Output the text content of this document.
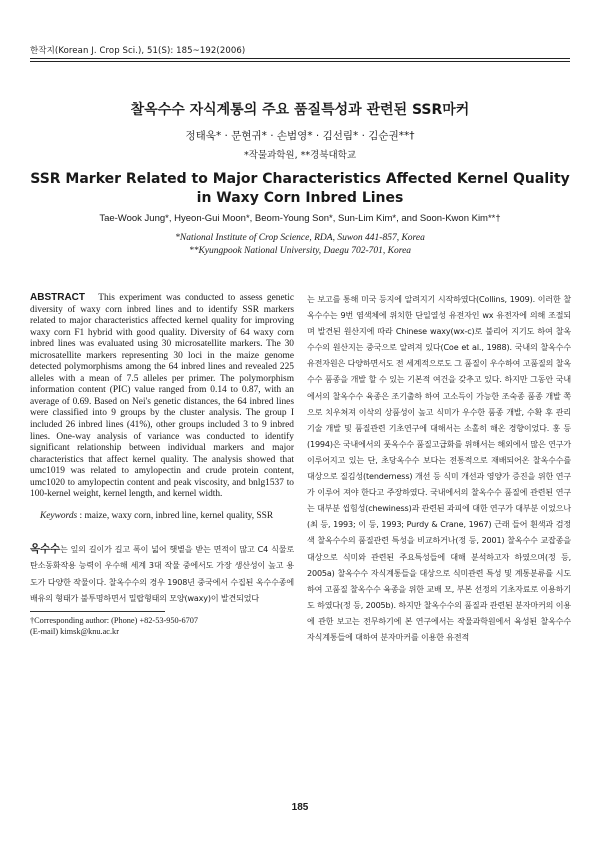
한작지(Korean J. Crop Sci.), 51(S): 185~192(2006)
찰옥수수 자식계통의 주요 품질특성과 관련된 SSR마커
정태욱* · 문현귀* · 손범영* · 김선림* · 김순권**†
*작물과학원, **경북대학교
SSR Marker Related to Major Characteristics Affected Kernel Quality
in Waxy Corn Inbred Lines
Tae-Wook Jung*, Hyeon-Gui Moon*, Beom-Young Son*, Sun-Lim Kim*, and Soon-Kwon Kim**†
*National Institute of Crop Science, RDA, Suwon 441-857, Korea
**Kyungpook National University, Daegu 702-701, Korea

ABSTRACT This experiment was conducted to assess genetic diversity of waxy corn inbred lines and to identify SSR markers related to major characteristics affected kernel quality for improving waxy corn F1 hybrid with good quality. Diversity of 64 waxy corn inbred lines was evaluated using 30 microsatellite markers. The 30 microsatellite markers representing 30 loci in the maize genome detected polymorphisms among the 64 inbred lines and revealed 225 alleles with a mean of 7.5 alleles per primer. The polymorphism information content (PIC) value ranged from 0.14 to 0.87, with an average of 0.69. Based on Nei's genetic distances, the 64 inbred lines were classified into 9 groups by the cluster analysis. The group I included 26 inbred lines (41%), other groups included 3 to 9 inbred lines. One-way analysis of variance was conducted to identify significant relationship between individual markers and major characteristics that affect kernel quality. The analysis showed that umc1019 was related to amylopectin and crude protein content, umc1020 to amylopectin content and peak viscosity, and bnlg1537 to 100-kernel weight, kernel length, and kernel width.

Keywords : maize, waxy corn, inbred line, kernel quality, SSR

옥수수는 잎의 길이가 길고 폭이 넓어 햇볕을 받는 면적이 많고 C4 식물로 탄소동화작용 능력이 우수해 세계 3대 작물 중에서도 가장 생산성이 높고 용도가 다양한 작물이다. 찰옥수수의 경우 1908년 중국에서 수집된 옥수수종에 배유의 형태가 불투명하면서 밀랍형태의 모양(waxy)이 발견되었다

†Corresponding author: (Phone) +82-53-950-6707
(E-mail) kimsk@knu.ac.kr

는 보고를 통해 미국 등지에 알려지기 시작하였다(Collins, 1909). 이러한 찰옥수수는 9번 염색체에 위치한 단일열성 유전자인 wx 유전자에 의해 조절되며 발견된 원산지에 따라 Chinese waxy(wx-c)로 불리어 지기도 하여 찰옥수수의 원산지는 중국으로 알려져 있다(Coe et al., 1988). 국내의 찰옥수수 유전자원은 다양하면서도 전 세계적으로도 그 품질이 우수하여 고품질의 찰옥수수 품종을 개발 할 수 있는 기본적 여건을 갖추고 있다. 하지만 그동안 국내에서의 찰옥수수 육종은 조기출하 하여 고소득이 가능한 조숙종 품종 개발 쪽으로 치우쳐져 이삭의 상품성이 높고 식미가 우수한 품종 개발, 수확 후 관리기술 개발 및 품질관련 기초연구에 대해서는 소홀히 해온 경향이었다. 홍 등(1994)은 국내에서의 풋옥수수 품질고급화를 위해서는 해외에서 많은 연구가 이루어지고 있는 단, 초당옥수수 보다는 전통적으로 재배되어온 찰옥수수를 대상으로 질김성(tenderness) 개선 등 식미 개선과 영양가 증진을 위한 연구가 이루어 져야 한다고 주장하였다. 국내에서의 찰옥수수 품질에 관련된 연구는 대부분 씹힘성(chewiness)과 관련된 과피에 대한 연구가 대부분 이었으나(최 등, 1993; 이 등, 1993; Purdy & Crane, 1967) 근래 들어 흰색과 검정색 찰옥수수의 품질관련 특성을 비교하거나(정 등, 2001) 찰옥수수 교잡종을 대상으로 식미와 관련된 주요특성들에 대해 분석하고자 하였으며(정 등, 2005a) 찰옥수수 자식계통들을 대상으로 식미관련 특성 및 계통분류를 시도하여 고품질 찰옥수수 육종을 위한 교배 모, 부본 선정의 기초자료로 이용하기도 하였다(정 등, 2005b). 하지만 찰옥수수의 품질과 관련된 분자마커의 이용에 관한 보고는 전무하기에 본 연구에서는 작물과학원에서 육성된 찰옥수수 자식계통들에 대하여 분자마커를 이용한 유전적

185
